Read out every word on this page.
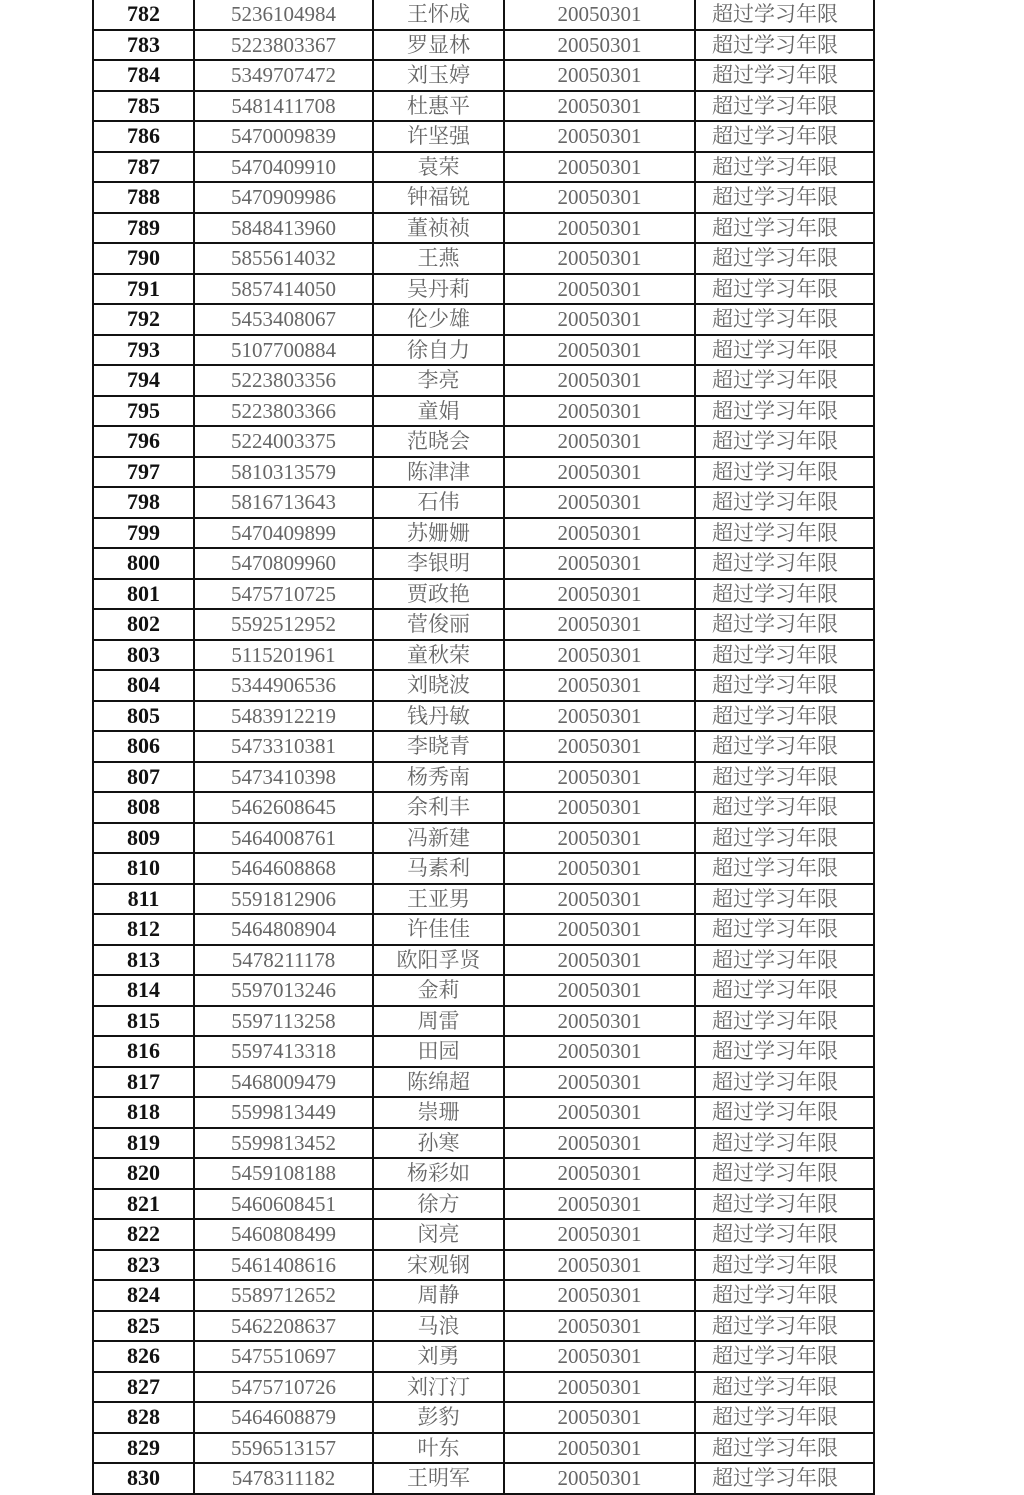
782	5236104984	王怀成	20050301	超过学习年限
783	5223803367	罗显林	20050301	超过学习年限
784	5349707472	刘玉婷	20050301	超过学习年限
785	5481411708	杜惠平	20050301	超过学习年限
786	5470009839	许坚强	20050301	超过学习年限
787	5470409910	袁荣	20050301	超过学习年限
788	5470909986	钟福锐	20050301	超过学习年限
789	5848413960	董祯祯	20050301	超过学习年限
790	5855614032	王燕	20050301	超过学习年限
791	5857414050	吴丹莉	20050301	超过学习年限
792	5453408067	伦少雄	20050301	超过学习年限
793	5107700884	徐自力	20050301	超过学习年限
794	5223803356	李亮	20050301	超过学习年限
795	5223803366	童娟	20050301	超过学习年限
796	5224003375	范晓会	20050301	超过学习年限
797	5810313579	陈津津	20050301	超过学习年限
798	5816713643	石伟	20050301	超过学习年限
799	5470409899	苏姗姗	20050301	超过学习年限
800	5470809960	李银明	20050301	超过学习年限
801	5475710725	贾政艳	20050301	超过学习年限
802	5592512952	菅俊丽	20050301	超过学习年限
803	5115201961	童秋荣	20050301	超过学习年限
804	5344906536	刘晓波	20050301	超过学习年限
805	5483912219	钱丹敏	20050301	超过学习年限
806	5473310381	李晓青	20050301	超过学习年限
807	5473410398	杨秀南	20050301	超过学习年限
808	5462608645	余利丰	20050301	超过学习年限
809	5464008761	冯新建	20050301	超过学习年限
810	5464608868	马素利	20050301	超过学习年限
811	5591812906	王亚男	20050301	超过学习年限
812	5464808904	许佳佳	20050301	超过学习年限
813	5478211178	欧阳孚贤	20050301	超过学习年限
814	5597013246	金莉	20050301	超过学习年限
815	5597113258	周雷	20050301	超过学习年限
816	5597413318	田园	20050301	超过学习年限
817	5468009479	陈绵超	20050301	超过学习年限
818	5599813449	崇珊	20050301	超过学习年限
819	5599813452	孙寒	20050301	超过学习年限
820	5459108188	杨彩如	20050301	超过学习年限
821	5460608451	徐方	20050301	超过学习年限
822	5460808499	闵亮	20050301	超过学习年限
823	5461408616	宋观钢	20050301	超过学习年限
824	5589712652	周静	20050301	超过学习年限
825	5462208637	马浪	20050301	超过学习年限
826	5475510697	刘勇	20050301	超过学习年限
827	5475710726	刘汀汀	20050301	超过学习年限
828	5464608879	彭豹	20050301	超过学习年限
829	5596513157	叶东	20050301	超过学习年限
830	5478311182	王明军	20050301	超过学习年限
